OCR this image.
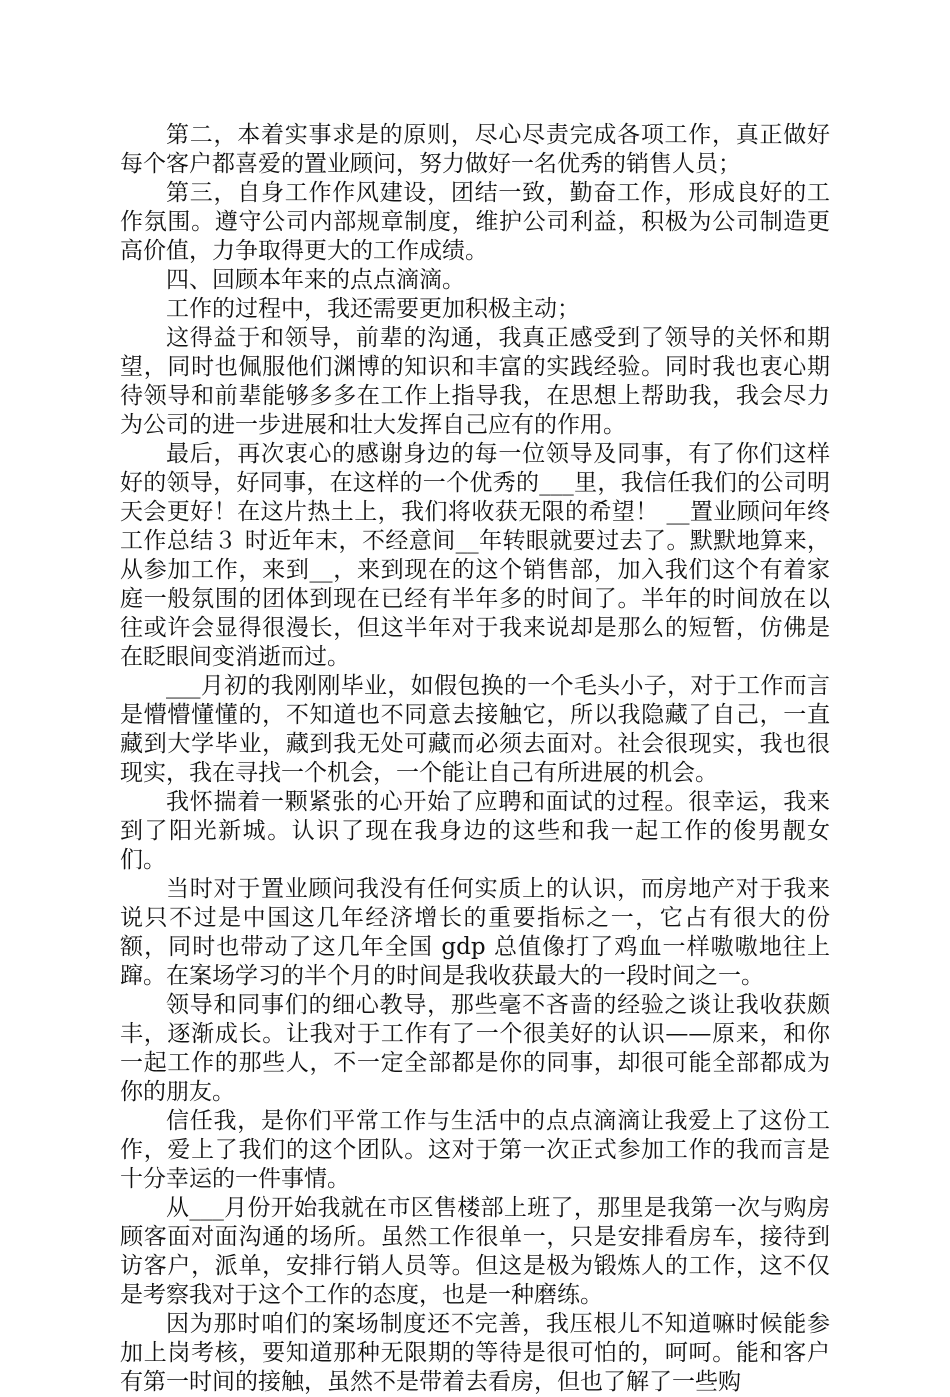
第二，本着实事求是的原则，尽心尽责完成各项工作，真正做好每个客户都喜爱的置业顾问，努力做好一名优秀的销售人员；

第三，自身工作作风建设，团结一致，勤奋工作，形成良好的工作氛围。遵守公司内部规章制度，维护公司利益，积极为公司制造更高价值，力争取得更大的工作成绩。

四、回顾本年来的点点滴滴。

工作的过程中，我还需要更加积极主动；

这得益于和领导，前辈的沟通，我真正感受到了领导的关怀和期望，同时也佩服他们渊博的知识和丰富的实践经验。同时我也衷心期待领导和前辈能够多多在工作上指导我，在思想上帮助我，我会尽力为公司的进一步进展和壮大发挥自己应有的作用。

最后，再次衷心的感谢身边的每一位领导及同事，有了你们这样好的领导，好同事，在这样的一个优秀的___里，我信任我们的公司明天会更好！在这片热土上，我们将收获无限的希望！ __置业顾问年终工作总结３ 时近年末，不经意间__年转眼就要过去了。默默地算来，从参加工作，来到__，来到现在的这个销售部，加入我们这个有着家庭一般氛围的团体到现在已经有半年多的时间了。半年的时间放在以往或许会显得很漫长，但这半年对于我来说却是那么的短暂，仿佛是在眨眼间变消逝而过。

___月初的我刚刚毕业，如假包换的一个毛头小子，对于工作而言是懵懵懂懂的，不知道也不同意去接触它，所以我隐藏了自己，一直藏到大学毕业，藏到我无处可藏而必须去面对。社会很现实，我也很现实，我在寻找一个机会，一个能让自己有所进展的机会。

我怀揣着一颗紧张的心开始了应聘和面试的过程。很幸运，我来到了阳光新城。认识了现在我身边的这些和我一起工作的俊男靓女们。

当时对于置业顾问我没有任何实质上的认识，而房地产对于我来说只不过是中国这几年经济增长的重要指标之一，它占有很大的份额，同时也带动了这几年全国 gdp 总值像打了鸡血一样嗷嗷地往上蹿。在案场学习的半个月的时间是我收获最大的一段时间之一。

领导和同事们的细心教导，那些毫不吝啬的经验之谈让我收获颇丰，逐渐成长。让我对于工作有了一个很美好的认识——原来，和你一起工作的那些人，不一定全部都是你的同事，却很可能全部都成为你的朋友。

信任我，是你们平常工作与生活中的点点滴滴让我爱上了这份工作，爱上了我们的这个团队。这对于第一次正式参加工作的我而言是十分幸运的一件事情。

从___月份开始我就在市区售楼部上班了，那里是我第一次与购房顾客面对面沟通的场所。虽然工作很单一，只是安排看房车，接待到访客户，派单，安排行销人员等。但这是极为锻炼人的工作，这不仅是考察我对于这个工作的态度，也是一种磨练。

因为那时咱们的案场制度还不完善，我压根儿不知道嘛时候能参加上岗考核，要知道那种无限期的等待是很可怕的，呵呵。能和客户有第一时间的接触，虽然不是带着去看房，但也了解了一些购
